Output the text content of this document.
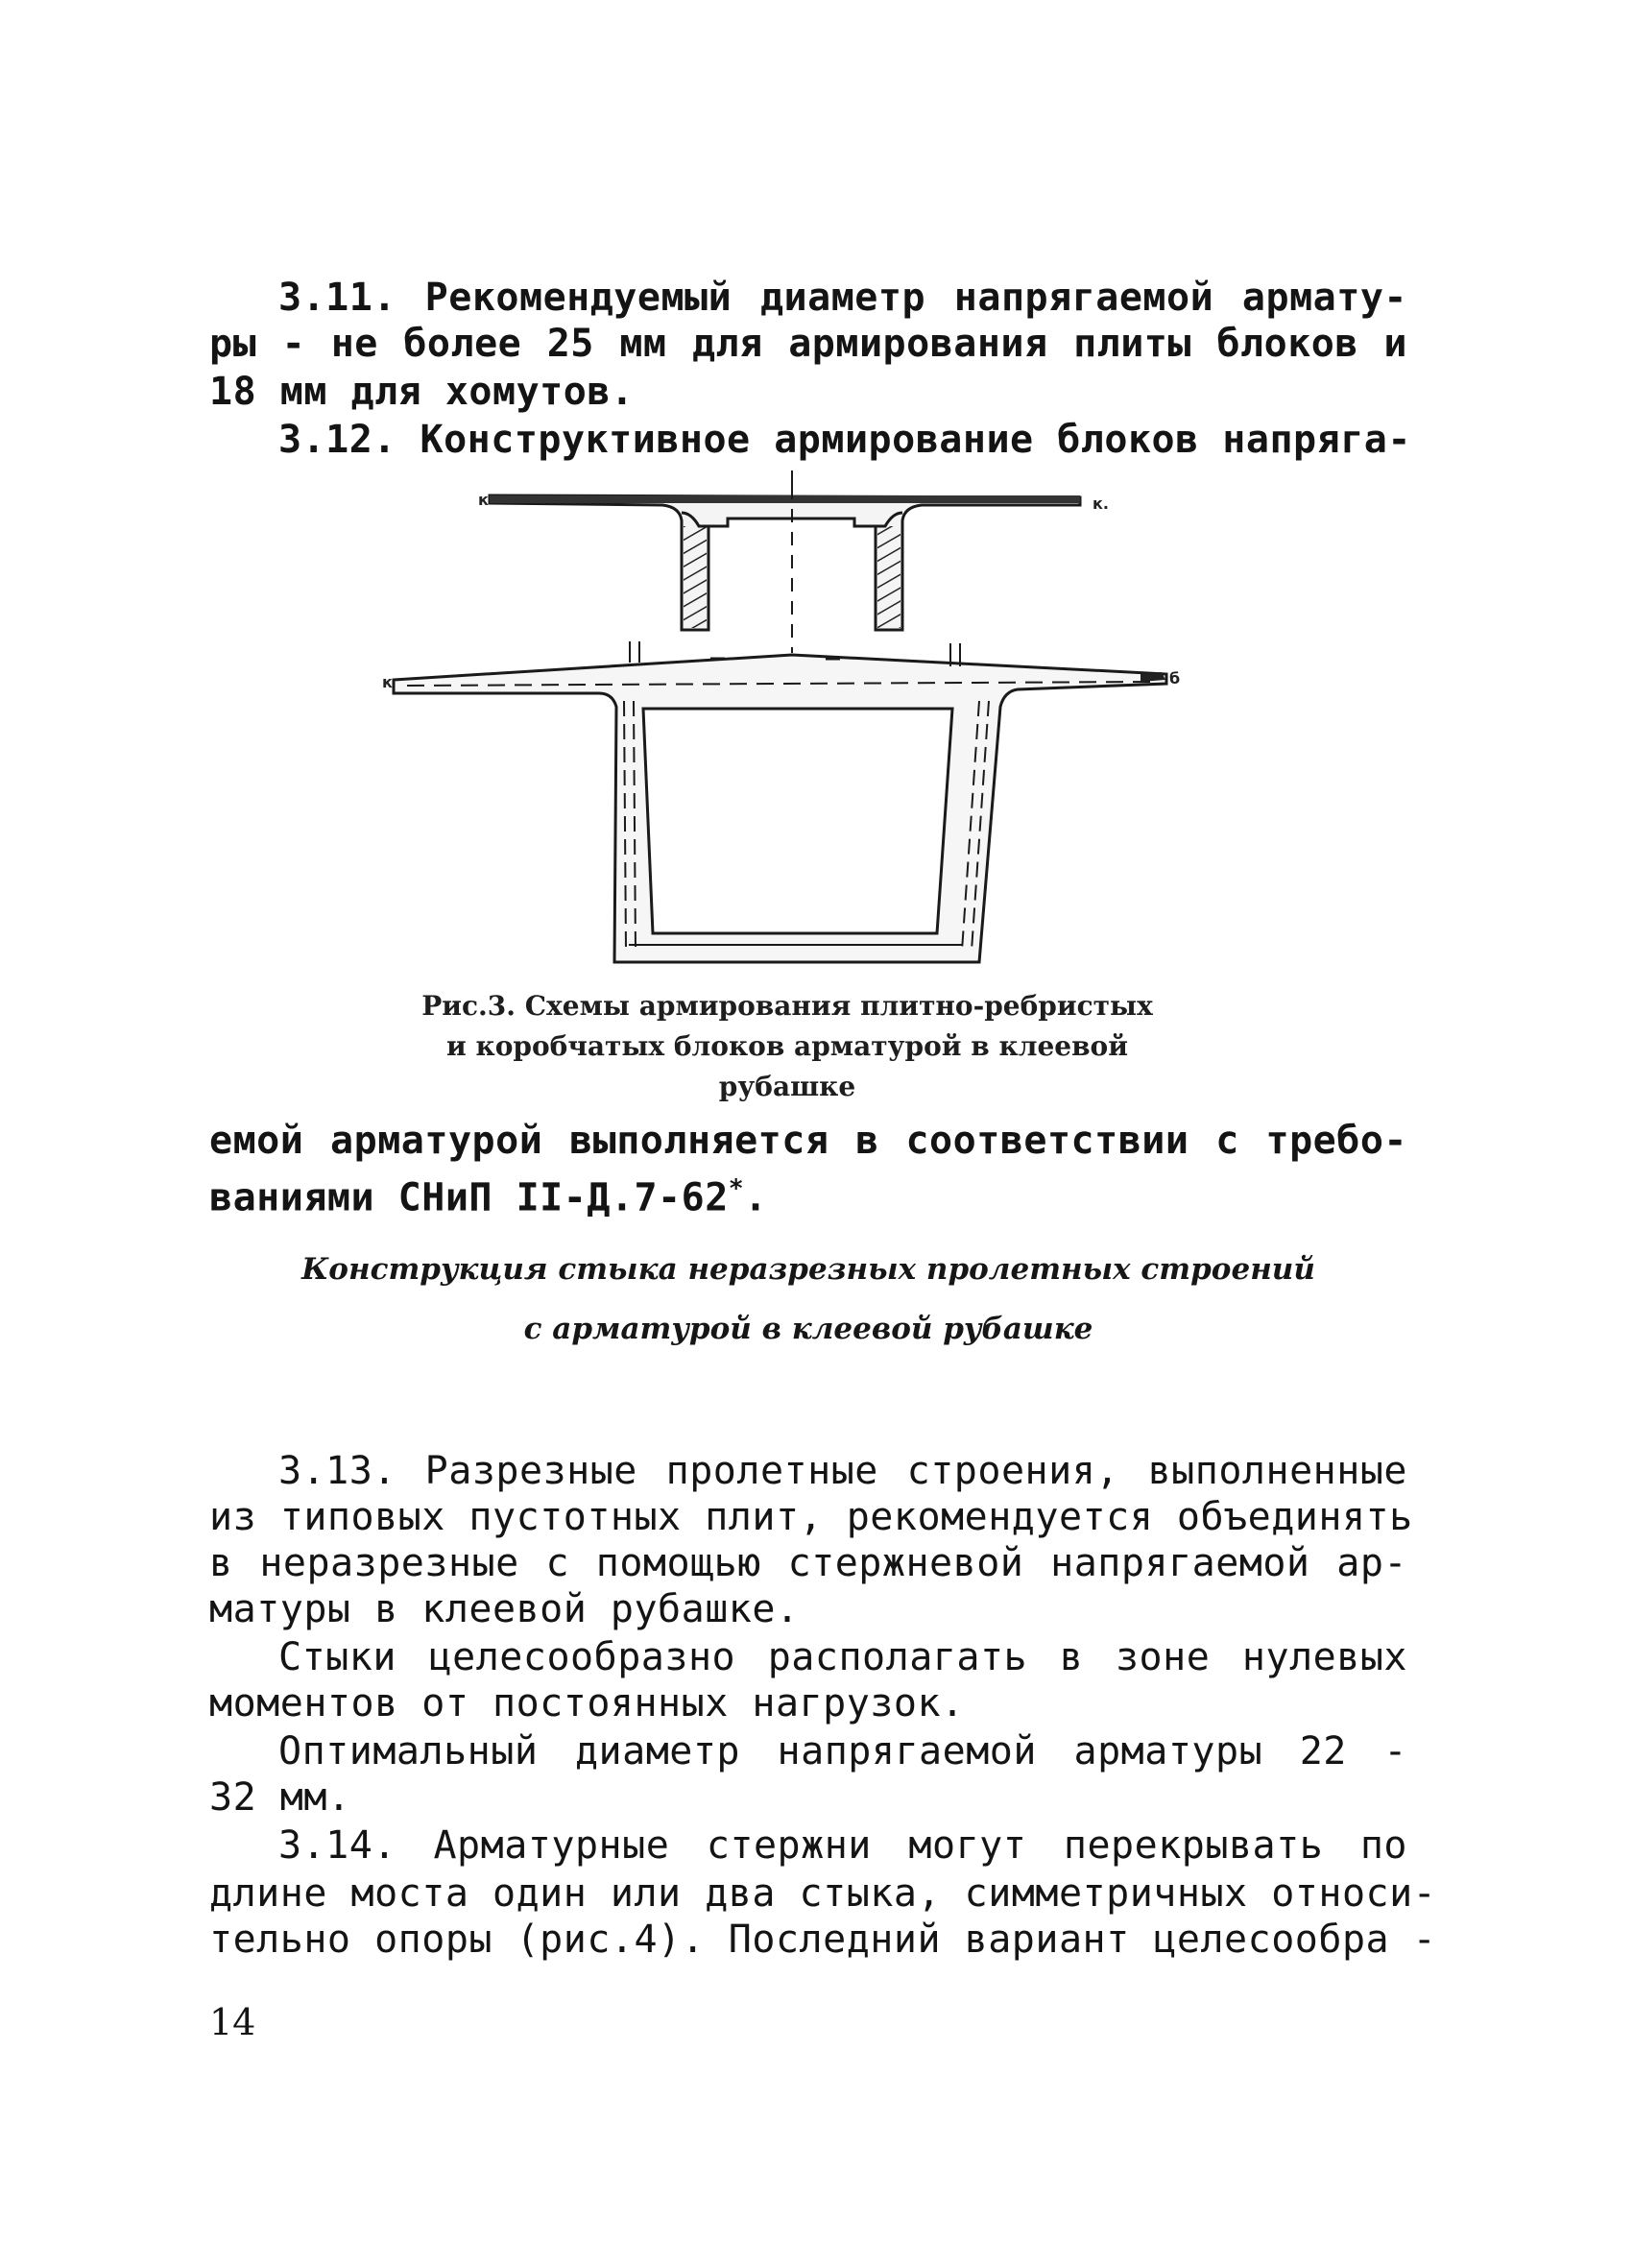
3.11. Рекомендуемый диаметр напрягаемой армату-
ры - не более 25 мм для армирования плиты блоков и
18 мм для хомутов.
3.12. Конструктивное армирование блоков напряга-
к	к.
к	б
Рис.3. Схемы армирования плитно-ребристых
и коробчатых блоков арматурой в клеевой
рубашке
емой арматурой выполняется в соответствии с требо-
ваниями СНиП II-Д.7-62*.
Конструкция стыка неразрезных пролетных строений
с арматурой в клеевой рубашке
3.13. Разрезные пролетные строения, выполненные
из типовых пустотных плит, рекомендуется объединять
в неразрезные с помощью стержневой напрягаемой ар-
матуры в клеевой рубашке.
Стыки целесообразно располагать в зоне нулевых
моментов от постоянных нагрузок.
Оптимальный диаметр напрягаемой арматуры 22 -
32 мм.
3.14. Арматурные стержни могут перекрывать по
длине моста один или два стыка, симметричных относи-
тельно опоры (рис.4). Последний вариант целесообра -
14
